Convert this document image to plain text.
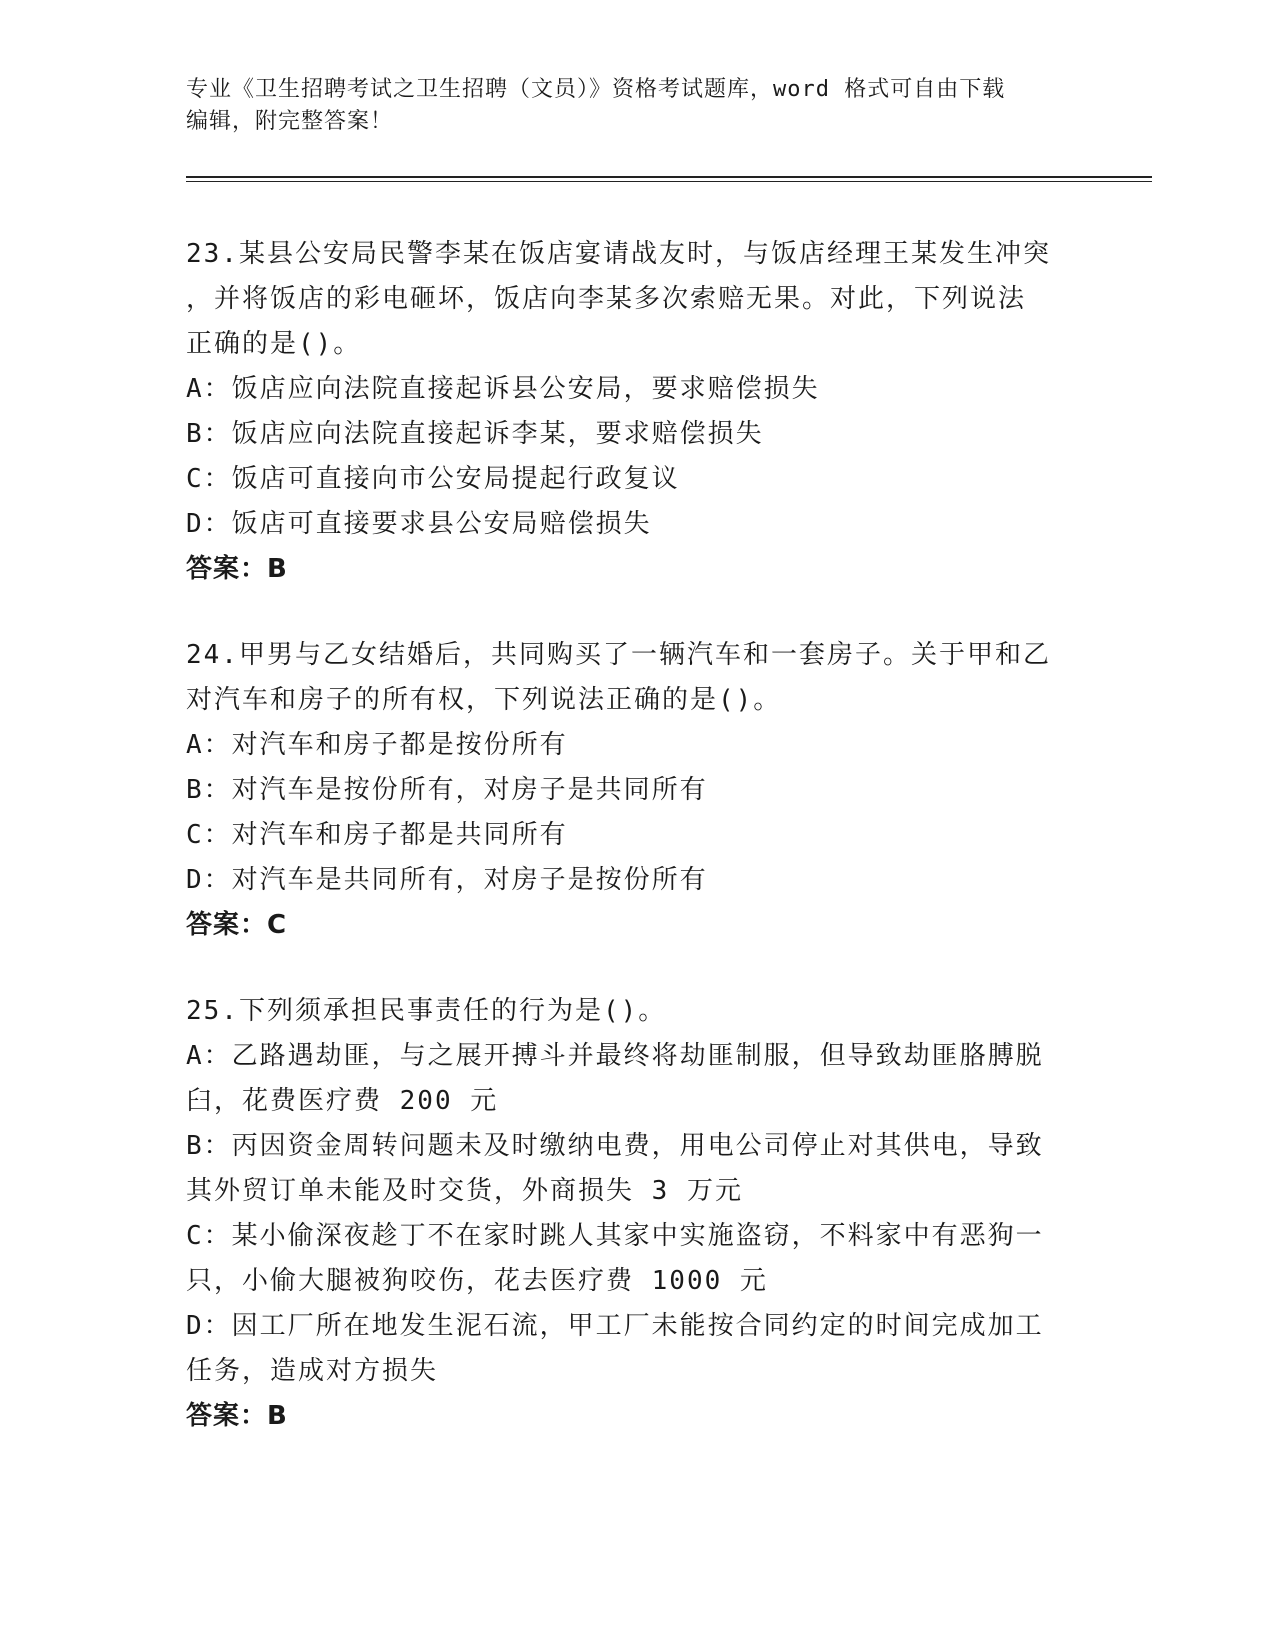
专业《卫生招聘考试之卫生招聘（文员）》资格考试题库，word 格式可自由下载
编辑，附完整答案！
23.某县公安局民警李某在饭店宴请战友时，与饭店经理王某发生冲突
，并将饭店的彩电砸坏，饭店向李某多次索赔无果。对此，下列说法
正确的是()。
A：饭店应向法院直接起诉县公安局，要求赔偿损失
B：饭店应向法院直接起诉李某，要求赔偿损失
C：饭店可直接向市公安局提起行政复议
D：饭店可直接要求县公安局赔偿损失
答案：B
24.甲男与乙女结婚后，共同购买了一辆汽车和一套房子。关于甲和乙
对汽车和房子的所有权，下列说法正确的是()。
A：对汽车和房子都是按份所有
B：对汽车是按份所有，对房子是共同所有
C：对汽车和房子都是共同所有
D：对汽车是共同所有，对房子是按份所有
答案：C
25.下列须承担民事责任的行为是()。
A：乙路遇劫匪，与之展开搏斗并最终将劫匪制服，但导致劫匪胳膊脱
臼，花费医疗费 200 元
B：丙因资金周转问题未及时缴纳电费，用电公司停止对其供电，导致
其外贸订单未能及时交货，外商损失 3 万元
C：某小偷深夜趁丁不在家时跳人其家中实施盗窃，不料家中有恶狗一
只，小偷大腿被狗咬伤，花去医疗费 1000 元
D：因工厂所在地发生泥石流，甲工厂未能按合同约定的时间完成加工
任务，造成对方损失
答案：B
